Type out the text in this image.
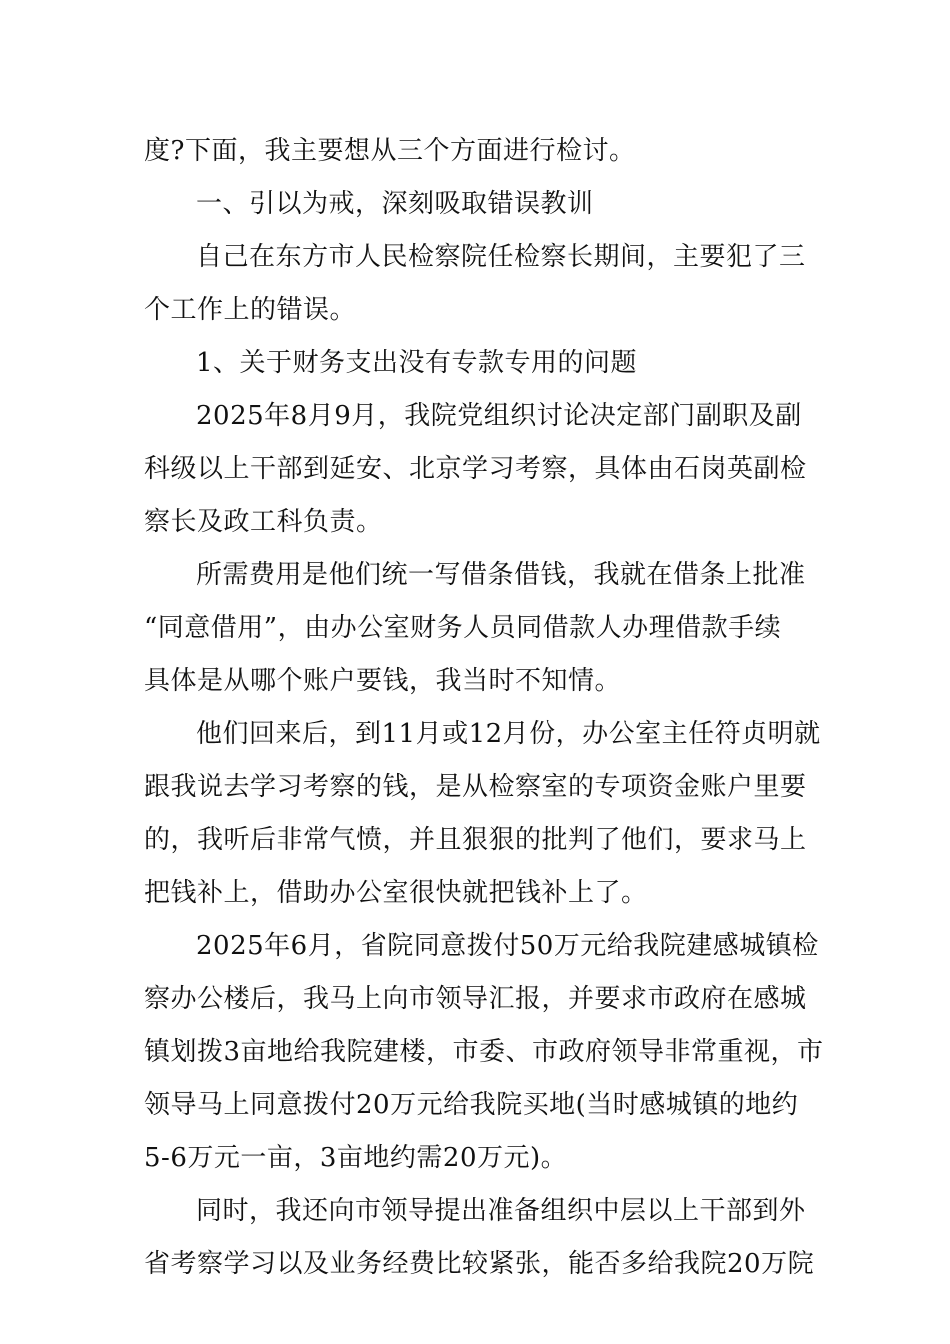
度?下面，我主要想从三个方面进行检讨。
一、引以为戒，深刻吸取错误教训
自己在东方市人民检察院任检察长期间，主要犯了三
个工作上的错误。
1、关于财务支出没有专款专用的问题
2025年8月9月，我院党组织讨论决定部门副职及副
科级以上干部到延安、北京学习考察，具体由石岗英副检
察长及政工科负责。
所需费用是他们统一写借条借钱，我就在借条上批准
“同意借用”，由办公室财务人员同借款人办理借款手续
具体是从哪个账户要钱，我当时不知情。
他们回来后，到11月或12月份，办公室主任符贞明就
跟我说去学习考察的钱，是从检察室的专项资金账户里要
的，我听后非常气愤，并且狠狠的批判了他们，要求马上
把钱补上，借助办公室很快就把钱补上了。
2025年6月，省院同意拨付50万元给我院建感城镇检
察办公楼后，我马上向市领导汇报，并要求市政府在感城
镇划拨3亩地给我院建楼，市委、市政府领导非常重视，市
领导马上同意拨付20万元给我院买地(当时感城镇的地约
5-6万元一亩，3亩地约需20万元)。
同时，我还向市领导提出准备组织中层以上干部到外
省考察学习以及业务经费比较紧张，能否多给我院20万院
